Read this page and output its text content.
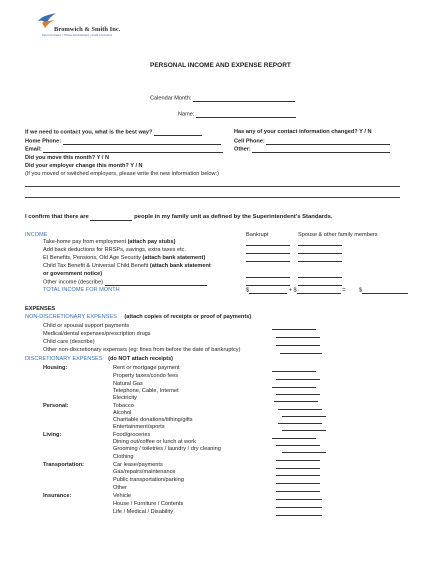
Bromwich & Smith Inc.
Debt Counselors | Trustee Administrators | Credit Counselors
PERSONAL INCOME AND EXPENSE REPORT
Calendar Month:
Name:
If we need to contact you, what is the best way?	Has any of your contact information changed? Y / N
Home Phone:	Cell Phone:
Email:	Other:
Did you move this month? Y / N
Did your employer change this month? Y / N
(If you moved or switched employers, please write the new information below:)
I confirm that there are	people in my family unit as defined by the Superintendent's Standards.
INCOME	Bankrupt	Spouse & other family members
Take-home pay from employment (attach pay stubs)
Add back deductions for RRSPs, savings, extra taxes etc.
EI Benefits, Pensions, Old Age Security (attach bank statement)
Child Tax Benefit & Universal Child Benefit (attach bank statement
or government notice)
Other income (describe)
TOTAL INCOME FOR MONTH	$	+ $	= $
EXPENSES
NON-DISCRETIONARY EXPENSES (attach copies of receipts or proof of payments)
Child or spousal support payments
Medical/dental expenses/prescription drugs
Child care (describe)
Other non-discretionary expenses (eg: fines from before the date of bankruptcy)
DISCRETIONARY EXPENSES (do NOT attach receipts)
Housing:	Rent or mortgage payment
Property taxes/condo fees
Natural Gas
Telephone, Cable, Internet
Electricity
Personal:	Tobacco
Alcohol
Charitable donations/tithing/gifts
Entertainment/sports
Living:	Food/groceries
Dining out/coffee or lunch at work
Grooming / toiletries / laundry / dry cleaning
Clothing
Transportation:	Car lease/payments
Gas/repairs/maintenance
Public transportation/parking
Other
Insurance:	Vehicle
House / Furniture / Contents
Life / Medical / Disability
